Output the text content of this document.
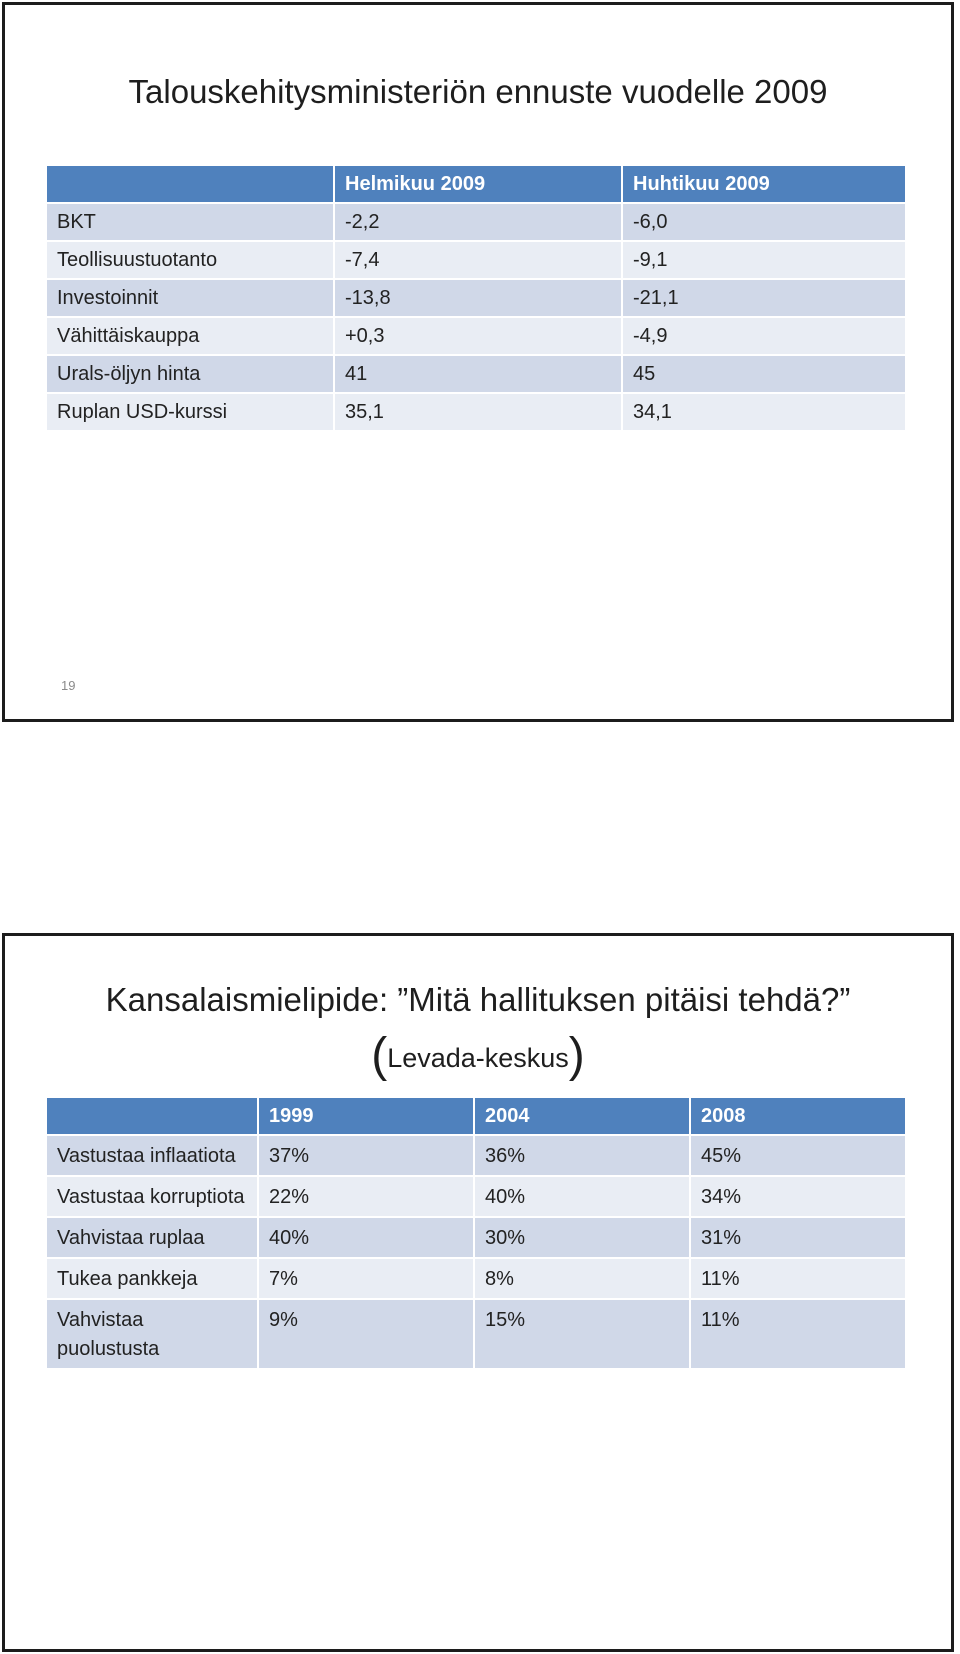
Talouskehitysministeriön ennuste vuodelle 2009
19
	Helmikuu 2009	Huhtikuu 2009
BKT	-2,2	-6,0
Teollisuustuotanto	-7,4	-9,1
Investoinnit	-13,8	-21,1
Vähittäiskauppa	+0,3	-4,9
Urals-öljyn hinta	41	45
Ruplan USD-kurssi	35,1	34,1
Kansalaismielipide: ”Mitä hallituksen pitäisi tehdä?”
(Levada-keskus)
	1999	2004	2008
Vastustaa inflaatiota	37%	36%	45%
Vastustaa korruptiota	22%	40%	34%
Vahvistaa ruplaa	40%	30%	31%
Tukea pankkeja	7%	8%	11%
Vahvistaa puolustusta	9%	15%	11%
